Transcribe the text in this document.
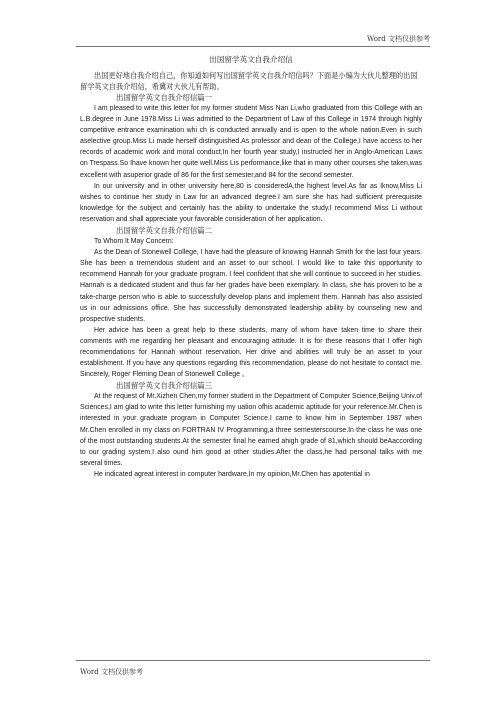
Word 文档仅供参考
出国留学英文自我介绍信

出国更好地自我介绍自己，你知道如何写出国留学英文自我介绍信吗？下面是小编为大伙儿整理的出国留学英文自我介绍信，希冀对大伙儿有帮助。

出国留学英文自我介绍信篇一

I am pleased to write this letter for my former student Miss Nan Li,who graduated from this College with an L.B.degree in June 1978.Miss Li was admitted to the Department of Law of this College in 1974 through highly competitive entrance examination whi ch is conducted annually and is open to the whole nation.Even in such aselective group.Miss Li made herself distinguished.As professor and dean of the College,I have access to her records of academic work and moral conduct,In her fourth year study,I instructed her in Anglo-American Laws on Trespass.So Ihave known her quite well.Miss Lis performance,like that in many other courses she taken,was excellent with asuperior grade of 86 for the first semester,and 84 for the second semester.

In our university and in other university here,80 is consideredA,the highest level.As far as Iknow,Miss Li wishes to continue her study in Law for an advanced degree.I am sure she has had sufficient prerequisite knowledge for the subject and certainly has the ability to undertake the study.I recommend Miss Li without reservation and shall appreciate your favorable consideration of her application.

出国留学英文自我介绍信篇二

To Whom It May Concern:

As the Dean of Stonewell College, I have had the pleasure of knowing Hannah Smith for the last four years. She has been a tremendous student and an asset to our school. I would like to take this opportunity to recommend Hannah for your graduate program. I feel confident that she will continue to succeed in her studies. Hannah is a dedicated student and thus far her grades have been exemplary. In class, she has proven to be a take-charge person who is able to successfully develop plans and implement them. Hannah has also assisted us in our admissions office. She has successfully demonstrated leadership ability by counseling new and prospective students.

Her advice has been a great help to these students, many of whom have taken time to share their comments with me regarding her pleasant and encouraging attitude. It is for these reasons that I offer high recommendations for Hannah without reservation. Her drive and abilities will truly be an asset to your establishment. If you have any questions regarding this recommendation, please do not hesitate to contact me. Sincerely, Roger Fleming Dean of Stonewell College 。

出国留学英文自我介绍信篇三

At the request of Mr.Xizhen Chen,my former student in the Department of Computer Science,Beijing Univ.of Sciences,I am glad to write this letter furnishing my uation ofhis academic aptitude for your reference.Mr.Chen is interested in your graduate program in Computer Science.I came to know him in September 1987 when Mr.Chen enrolled in my class on FORTRAN IV Programming,a three semesterscourse.In the class he was one of the most outstanding students.At the semester final he earned ahigh grade of 81,which should beAaccording to our grading system.I also ound him good at other studies.After the class,he had personal talks with me several times.

He indicated agreat interest in computer hardware,In my opinion,Mr.Chen has apotential in

Word 文档仅供参考
